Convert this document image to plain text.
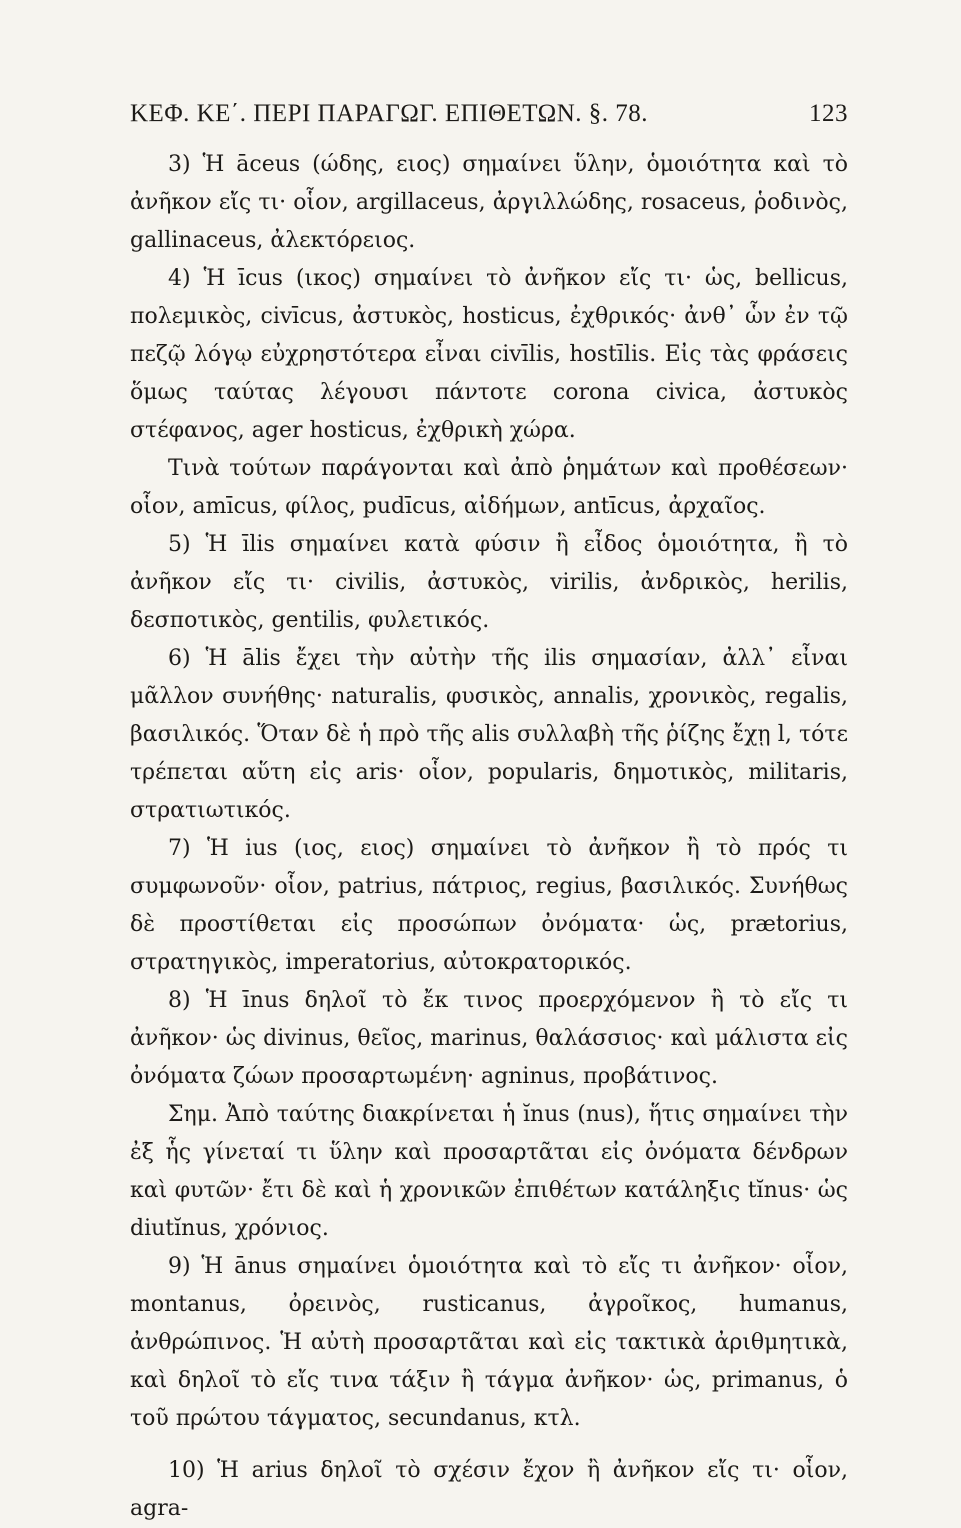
ΚΕΦ. ΚΕ΄. ΠΕΡΙ ΠΑΡΑΓΩΓ. ΕΠΙΘΕΤΩΝ. §. 78.	123

3) Ἡ āceus (ώδης, ειος) σημαίνει ὕλην, ὁμοιότητα καὶ τὸ ἀνῆκον εἴς τι· οἷον, argillaceus, ἀργιλλώδης, rosaceus, ῥοδινὸς, gallinaceus, ἀλεκτόρειος.

4) Ἡ īcus (ικος) σημαίνει τὸ ἀνῆκον εἴς τι· ὡς, bellicus, πολεμικὸς, civīcus, ἀστυκὸς, hosticus, ἐχθρικός· ἀνθ᾽ ὧν ἐν τῷ πεζῷ λόγῳ εὐχρηστότερα εἶναι civīlis, hostīlis. Εἰς τὰς φράσεις ὅμως ταύτας λέγουσι πάντοτε corona civica, ἀστυκὸς στέφανος, ager hosticus, ἐχθρικὴ χώρα.

Τινὰ τούτων παράγονται καὶ ἀπὸ ῥημάτων καὶ προθέσεων· οἷον, amīcus, φίλος, pudīcus, αἰδήμων, antīcus, ἀρχαῖος.

5) Ἡ īlis σημαίνει κατὰ φύσιν ἢ εἶδος ὁμοιότητα, ἢ τὸ ἀνῆκον εἴς τι· civilis, ἀστυκὸς, virilis, ἀνδρικὸς, herilis, δεσποτικὸς, gentilis, φυλετικός.

6) Ἡ ālis ἔχει τὴν αὐτὴν τῆς ilis σημασίαν, ἀλλ᾽ εἶναι μᾶλλον συνήθης· naturalis, φυσικὸς, annalis, χρονικὸς, regalis, βασιλικός. Ὅταν δὲ ἡ πρὸ τῆς alis συλλαβὴ τῆς ῥίζης ἔχῃ l, τότε τρέπεται αὕτη εἰς aris· οἷον, popularis, δημοτικὸς, militaris, στρατιωτικός.

7) Ἡ ius (ιος, ειος) σημαίνει τὸ ἀνῆκον ἢ τὸ πρός τι συμφωνοῦν· οἷον, patrius, πάτριος, regius, βασιλικός. Συνήθως δὲ προστίθεται εἰς προσώπων ὀνόματα· ὡς, prætorius, στρατηγικὸς, imperatorius, αὐτοκρατορικός.

8) Ἡ īnus δηλοῖ τὸ ἔκ τινος προερχόμενον ἢ τὸ εἴς τι ἀνῆκον· ὡς divinus, θεῖος, marinus, θαλάσσιος· καὶ μάλιστα εἰς ὀνόματα ζώων προσαρτωμένη· agninus, προβάτινος.

Σημ. Ἀπὸ ταύτης διακρίνεται ἡ ĭnus (nus), ἥτις σημαίνει τὴν ἐξ ἧς γίνεταί τι ὕλην καὶ προσαρτᾶται εἰς ὀνόματα δένδρων καὶ φυτῶν· ἔτι δὲ καὶ ἡ χρονικῶν ἐπιθέτων κατάληξις tĭnus· ὡς diutĭnus, χρόνιος.

9) Ἡ ānus σημαίνει ὁμοιότητα καὶ τὸ εἴς τι ἀνῆκον· οἷον, montanus, ὀρεινὸς, rusticanus, ἀγροῖκος, humanus, ἀνθρώπινος. Ἡ αὐτὴ προσαρτᾶται καὶ εἰς τακτικὰ ἀριθμητικὰ, καὶ δηλοῖ τὸ εἴς τινα τάξιν ἢ τάγμα ἀνῆκον· ὡς, primanus, ὁ τοῦ πρώτου τάγματος, secundanus, κτλ.

10) Ἡ arius δηλοῖ τὸ σχέσιν ἔχον ἢ ἀνῆκον εἴς τι· οἷον, agra-
